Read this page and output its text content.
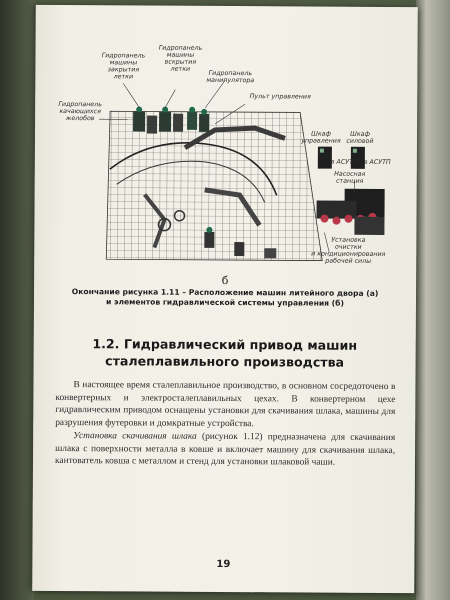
Гидропанель
машины
закрытия
летки
Гидропанель
машины
вскрытия
летки
Гидропанель
манипулятора
Гидропанель
качающихся
желобов
Пульт управления
Шкаф
управления
Шкаф
силовой
в АСУТП в АСУТП
Насосная
станция
Установка
очистки
и кондиционирования
рабочей силы
б
Окончание рисунка 1.11 – Расположение машин литейного двора (а)
и элементов гидравлической системы управления (б)
1.2. Гидравлический привод машин
сталеплавильного производства

В настоящее время сталеплавильное производство, в основном сосредоточено в конвертерных и электросталеплавильных цехах. В конвертерном цехе гидравлическим приводом оснащены установки для скачивания шлака, машины для разрушения футеровки и домкратные устройства.

Установка скачивания шлака (рисунок 1.12) предназначена для скачивания шлака с поверхности металла в ковше и включает машину для скачивания шлака, кантователь ковша с металлом и стенд для установки шлаковой чаши.

19
